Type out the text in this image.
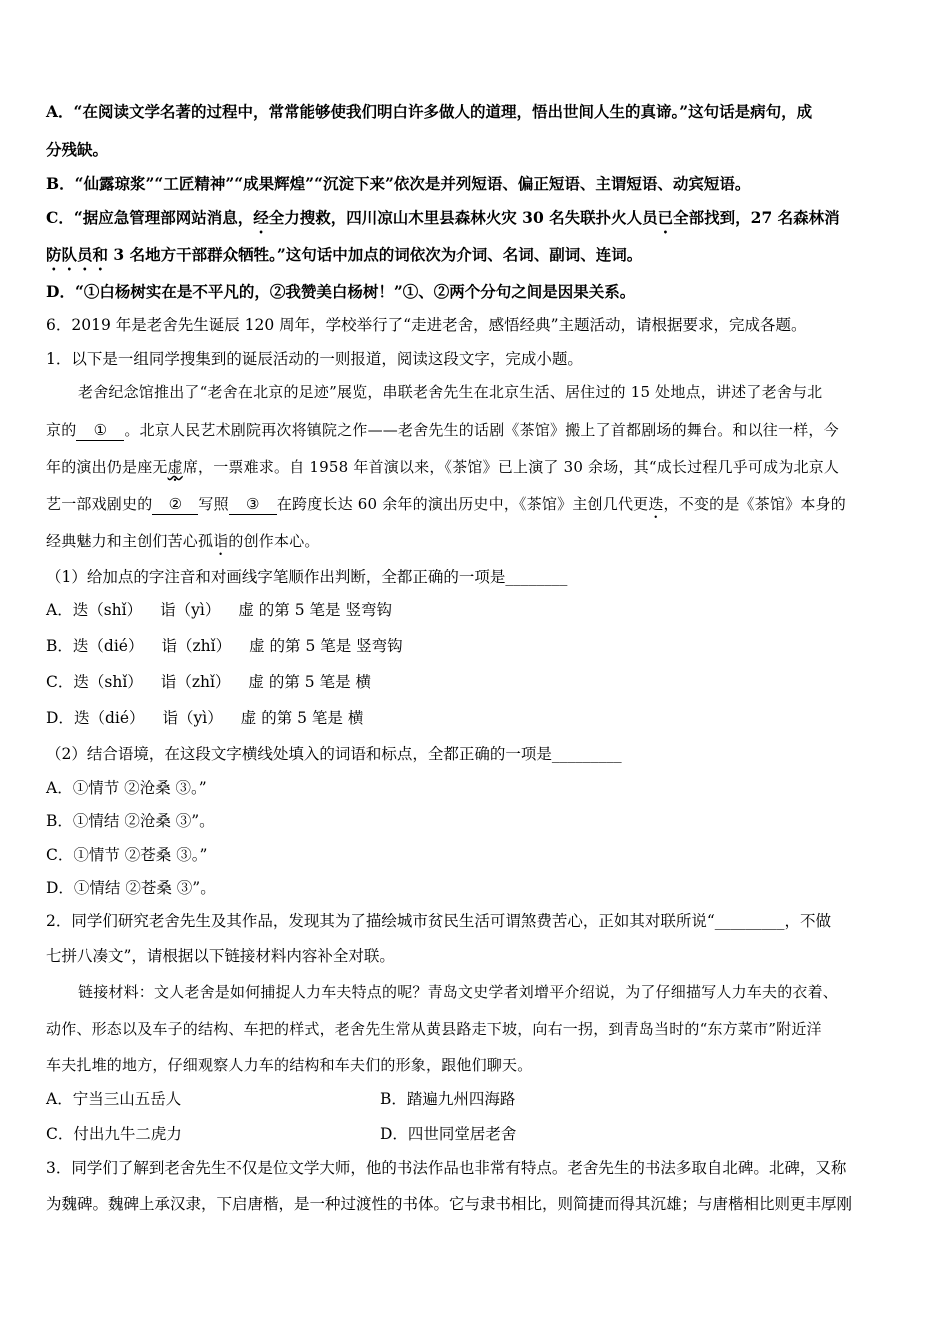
A．“在阅读文学名著的过程中，常常能够使我们明白许多做人的道理，悟出世间人生的真谛。”这句话是病句，成
分残缺。
B．“仙露琼浆”“工匠精神”“成果辉煌”“沉淀下来”依次是并列短语、偏正短语、主谓短语、动宾短语。
C．“据应急管理部网站消息，经全力搜救，四川凉山木里县森林火灾 30 名失联扑火人员已全部找到，27 名森林消
防队员和 3 名地方干部群众牺牲。”这句话中加点的词依次为介词、名词、副词、连词。
D．“①白杨树实在是不平凡的，②我赞美白杨树！”①、②两个分句之间是因果关系。
6．2019 年是老舍先生诞辰 120 周年，学校举行了“走进老舍，感悟经典”主题活动，请根据要求，完成各题。
1．以下是一组同学搜集到的诞辰活动的一则报道，阅读这段文字，完成小题。
老舍纪念馆推出了“老舍在北京的足迹”展览，串联老舍先生在北京生活、居住过的 15 处地点，讲述了老舍与北
京的 ① 。北京人民艺术剧院再次将镇院之作——老舍先生的话剧《茶馆》搬上了首都剧场的舞台。和以往一样，今
年的演出仍是座无虚席，一票难求。自 1958 年首演以来，《茶馆》已上演了 30 余场，其“成长过程几乎可成为北京人
艺一部戏剧史的 ② 写照 ③ 在跨度长达 60 余年的演出历史中，《茶馆》主创几代更迭，不变的是《茶馆》本身的
经典魅力和主创们苦心孤诣的创作本心。
（1）给加点的字注音和对画线字笔顺作出判断，全都正确的一项是________
A．迭（shǐ） 诣（yì） 虚 的第 5 笔是 竖弯钩
B．迭（dié） 诣（zhǐ） 虚 的第 5 笔是 竖弯钩
C．迭（shǐ） 诣（zhǐ） 虚 的第 5 笔是 横
D．迭（dié） 诣（yì） 虚 的第 5 笔是 横
（2）结合语境，在这段文字横线处填入的词语和标点，全都正确的一项是_________
A．①情节 ②沧桑 ③。”
B．①情结 ②沧桑 ③”。
C．①情节 ②苍桑 ③。”
D．①情结 ②苍桑 ③”。
2．同学们研究老舍先生及其作品，发现其为了描绘城市贫民生活可谓煞费苦心，正如其对联所说“_________，不做
七拼八凑文”，请根据以下链接材料内容补全对联。
链接材料：文人老舍是如何捕捉人力车夫特点的呢？青岛文史学者刘增平介绍说，为了仔细描写人力车夫的衣着、
动作、形态以及车子的结构、车把的样式，老舍先生常从黄县路走下坡，向右一拐，到青岛当时的“东方菜市”附近洋
车夫扎堆的地方，仔细观察人力车的结构和车夫们的形象，跟他们聊天。
A．宁当三山五岳人	B．踏遍九州四海路
C．付出九牛二虎力	D．四世同堂居老舍
3．同学们了解到老舍先生不仅是位文学大师，他的书法作品也非常有特点。老舍先生的书法多取自北碑。北碑，又称
为魏碑。魏碑上承汉隶，下启唐楷，是一种过渡性的书体。它与隶书相比，则简捷而得其沉雄；与唐楷相比则更丰厚刚
